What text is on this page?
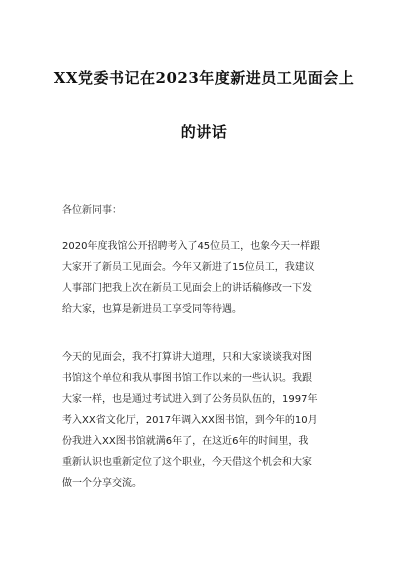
XX党委书记在2023年度新进员工见面会上
的讲话

各位新同事：

2020年度我馆公开招聘考入了45位员工，也象今天一样跟
大家开了新员工见面会。今年又新进了15位员工，我建议
人事部门把我上次在新员工见面会上的讲话稿修改一下发
给大家，也算是新进员工享受同等待遇。

今天的见面会，我不打算讲大道理，只和大家谈谈我对图
书馆这个单位和我从事图书馆工作以来的一些认识。我跟
大家一样，也是通过考试进入到了公务员队伍的，1997年
考入XX省文化厅，2017年调入XX图书馆，到今年的10月
份我进入XX图书馆就满6年了，在这近6年的时间里，我
重新认识也重新定位了这个职业，今天借这个机会和大家
做一个分享交流。
